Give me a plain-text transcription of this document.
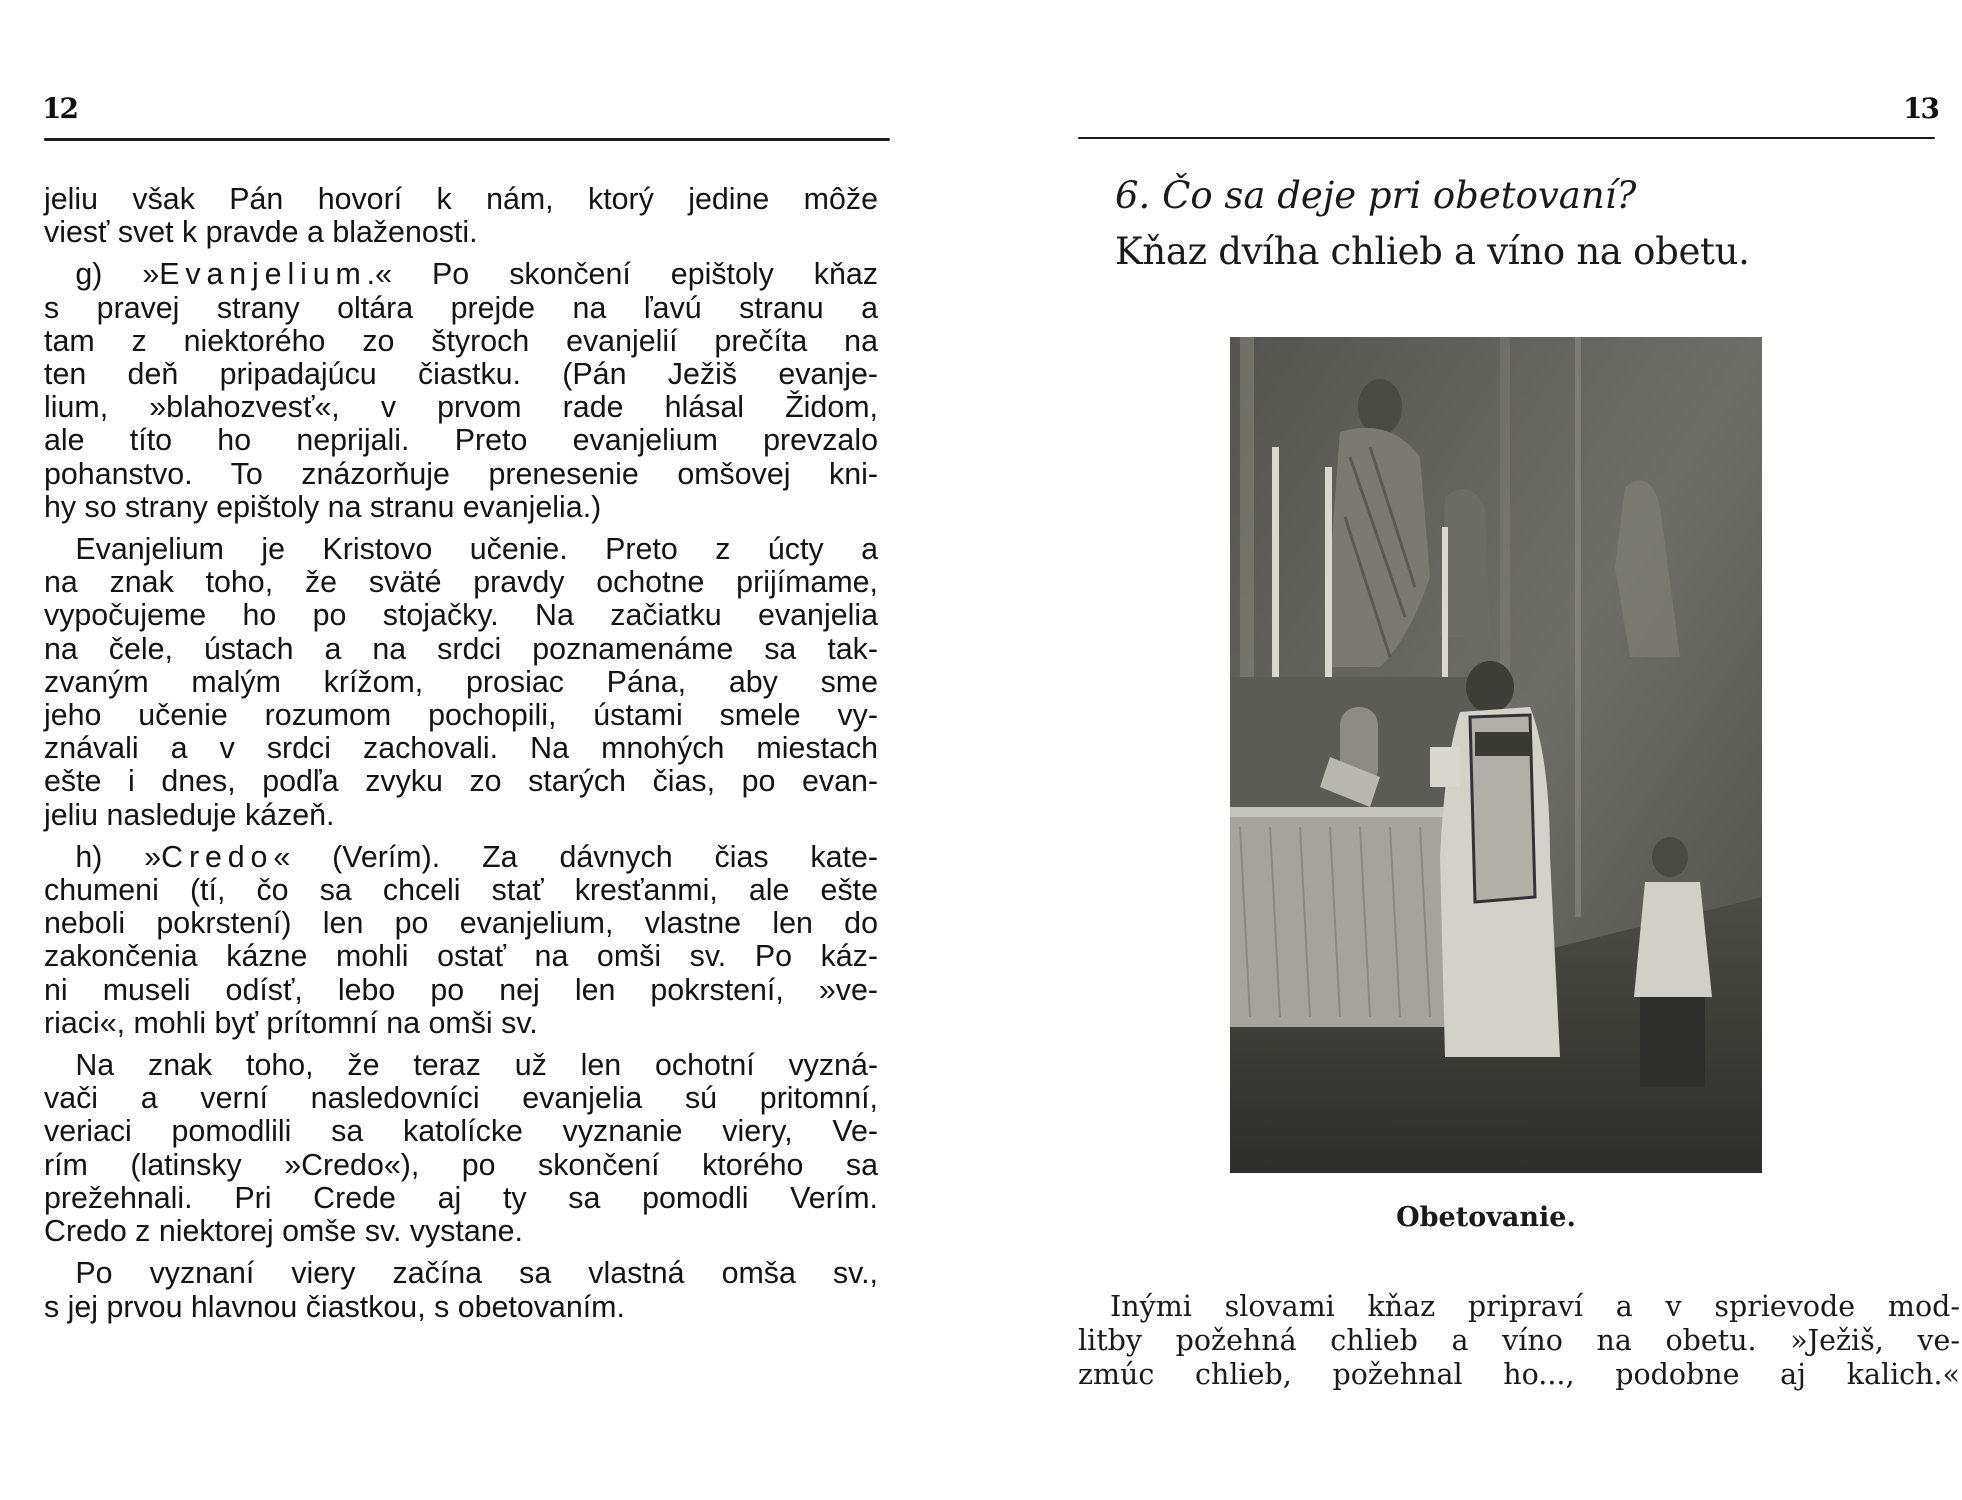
12
jeliu však Pán hovorí k nám, ktorý jedine môže
viesť svet k pravde a blaženosti.
g) »Evanjelium.« Po skončení epištoly kňaz
s pravej strany oltára prejde na ľavú stranu a
tam z niektorého zo štyroch evanjelií prečíta na
ten deň pripadajúcu čiastku. (Pán Ježiš evanje-
lium, »blahozvesť«, v prvom rade hlásal Židom,
ale títo ho neprijali. Preto evanjelium prevzalo
pohanstvo. To znázorňuje prenesenie omšovej kni-
hy so strany epištoly na stranu evanjelia.)
Evanjelium je Kristovo učenie. Preto z úcty a
na znak toho, že sväté pravdy ochotne prijímame,
vypočujeme ho po stojačky. Na začiatku evanjelia
na čele, ústach a na srdci poznamenáme sa tak-
zvaným malým krížom, prosiac Pána, aby sme
jeho učenie rozumom pochopili, ústami smele vy-
znávali a v srdci zachovali. Na mnohých miestach
ešte i dnes, podľa zvyku zo starých čias, po evan-
jeliu nasleduje kázeň.
h) »Credo« (Verím). Za dávnych čias kate-
chumeni (tí, čo sa chceli stať kresťanmi, ale ešte
neboli pokrstení) len po evanjelium, vlastne len do
zakončenia kázne mohli ostať na omši sv. Po káz-
ni museli odísť, lebo po nej len pokrstení, »ve-
riaci«, mohli byť prítomní na omši sv.
Na znak toho, že teraz už len ochotní vyzná-
vači a verní nasledovníci evanjelia sú pritomní,
veriaci pomodlili sa katolícke vyznanie viery, Ve-
rím (latinsky »Credo«), po skončení ktorého sa
prežehnali. Pri Crede aj ty sa pomodli Verím.
Credo z niektorej omše sv. vystane.
Po vyznaní viery začína sa vlastná omša sv.,
s jej prvou hlavnou čiastkou, s obetovaním.
13
6. Čo sa deje pri obetovaní?
Kňaz dvíha chlieb a víno na obetu.
Obetovanie.
Inými slovami kňaz pripraví a v sprievode mod-
litby požehná chlieb a víno na obetu. »Ježiš, ve-
zmúc chlieb, požehnal ho..., podobne aj kalich.«
